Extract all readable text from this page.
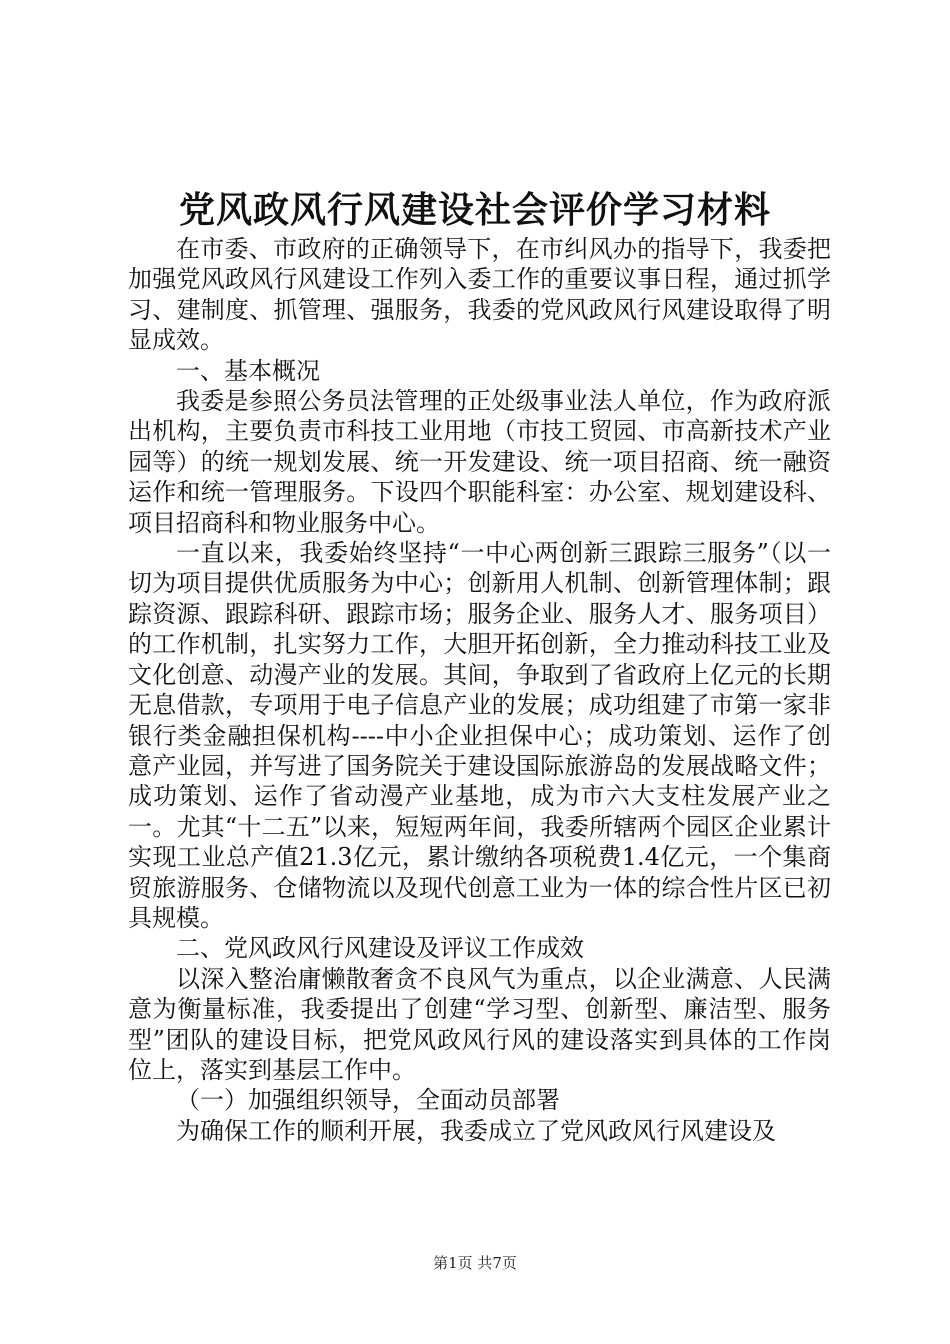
党风政风行风建设社会评价学习材料

在市委、市政府的正确领导下，在市纠风办的指导下，我委把加强党风政风行风建设工作列入委工作的重要议事日程，通过抓学习、建制度、抓管理、强服务，我委的党风政风行风建设取得了明显成效。

一、基本概况

我委是参照公务员法管理的正处级事业法人单位，作为政府派出机构，主要负责市科技工业用地（市技工贸园、市高新技术产业园等）的统一规划发展、统一开发建设、统一项目招商、统一融资运作和统一管理服务。下设四个职能科室：办公室、规划建设科、项目招商科和物业服务中心。

一直以来，我委始终坚持“一中心两创新三跟踪三服务”（以一切为项目提供优质服务为中心；创新用人机制、创新管理体制；跟踪资源、跟踪科研、跟踪市场；服务企业、服务人才、服务项目）的工作机制，扎实努力工作，大胆开拓创新，全力推动科技工业及文化创意、动漫产业的发展。其间，争取到了省政府上亿元的长期无息借款，专项用于电子信息产业的发展；成功组建了市第一家非银行类金融担保机构----中小企业担保中心；成功策划、运作了创意产业园，并写进了国务院关于建设国际旅游岛的发展战略文件；成功策划、运作了省动漫产业基地，成为市六大支柱发展产业之一。尤其“十二五”以来，短短两年间，我委所辖两个园区企业累计实现工业总产值21.3亿元，累计缴纳各项税费1.4亿元，一个集商贸旅游服务、仓储物流以及现代创意工业为一体的综合性片区已初具规模。

二、党风政风行风建设及评议工作成效

以深入整治庸懒散奢贪不良风气为重点，以企业满意、人民满意为衡量标准，我委提出了创建“学习型、创新型、廉洁型、服务型”团队的建设目标，把党风政风行风的建设落实到具体的工作岗位上，落实到基层工作中。

（一）加强组织领导，全面动员部署

为确保工作的顺利开展，我委成立了党风政风行风建设及

第1页 共7页
